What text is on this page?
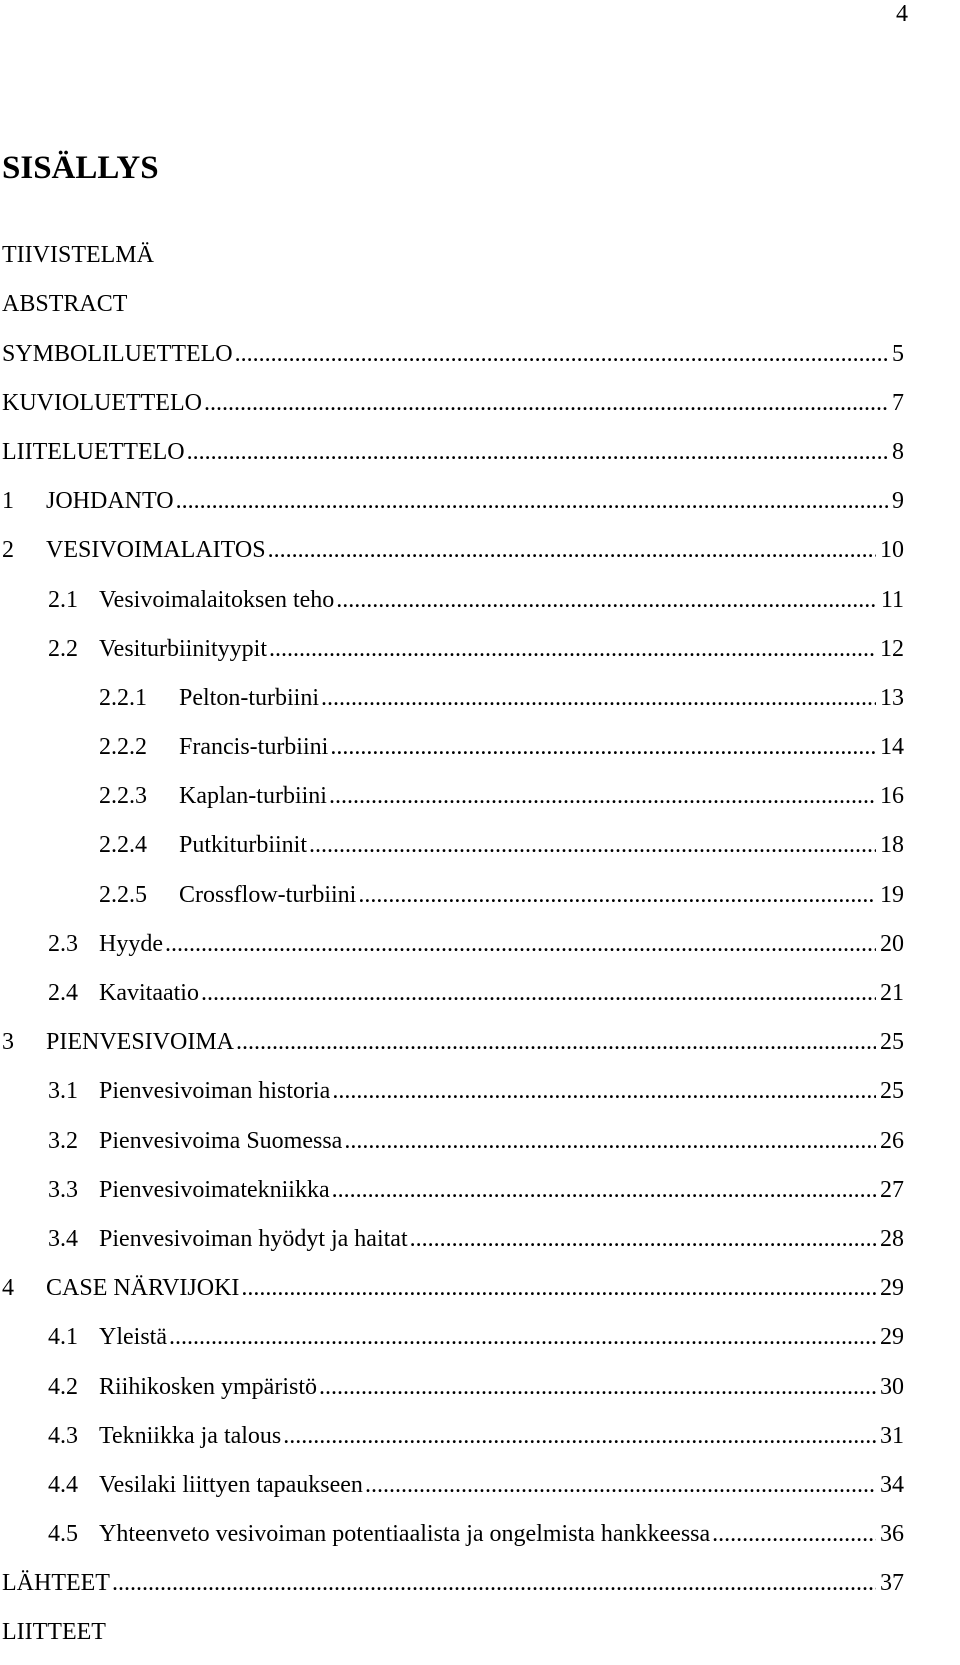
4
SISÄLLYS
TIIVISTELMÄ
ABSTRACT
SYMBOLILUETTELO .....	5
KUVIOLUETTELO .....	7
LIITELUETTELO .....	8
1	JOHDANTO .....	9
2	VESIVOIMALAITOS .....	10
2.1 Vesivoimalaitoksen teho .....	11
2.2 Vesiturbiinityypit .....	12
2.2.1	Pelton-turbiini .....	13
2.2.2	Francis-turbiini .....	14
2.2.3	Kaplan-turbiini .....	16
2.2.4	Putkiturbiinit .....	18
2.2.5	Crossflow-turbiini .....	19
2.3 Hyyde .....	20
2.4 Kavitaatio .....	21
3	PIENVESIVOIMA .....	25
3.1 Pienvesivoiman historia .....	25
3.2 Pienvesivoima Suomessa .....	26
3.3 Pienvesivoimatekniikka .....	27
3.4 Pienvesivoiman hyödyt ja haitat .....	28
4	CASE NÄRVIJOKI .....	29
4.1 Yleistä .....	29
4.2 Riihikosken ympäristö .....	30
4.3 Tekniikka ja talous .....	31
4.4 Vesilaki liittyen tapaukseen .....	34
4.5 Yhteenveto vesivoiman potentiaalista ja ongelmista hankkeessa .....	36
LÄHTEET .....	37
LIITTEET
